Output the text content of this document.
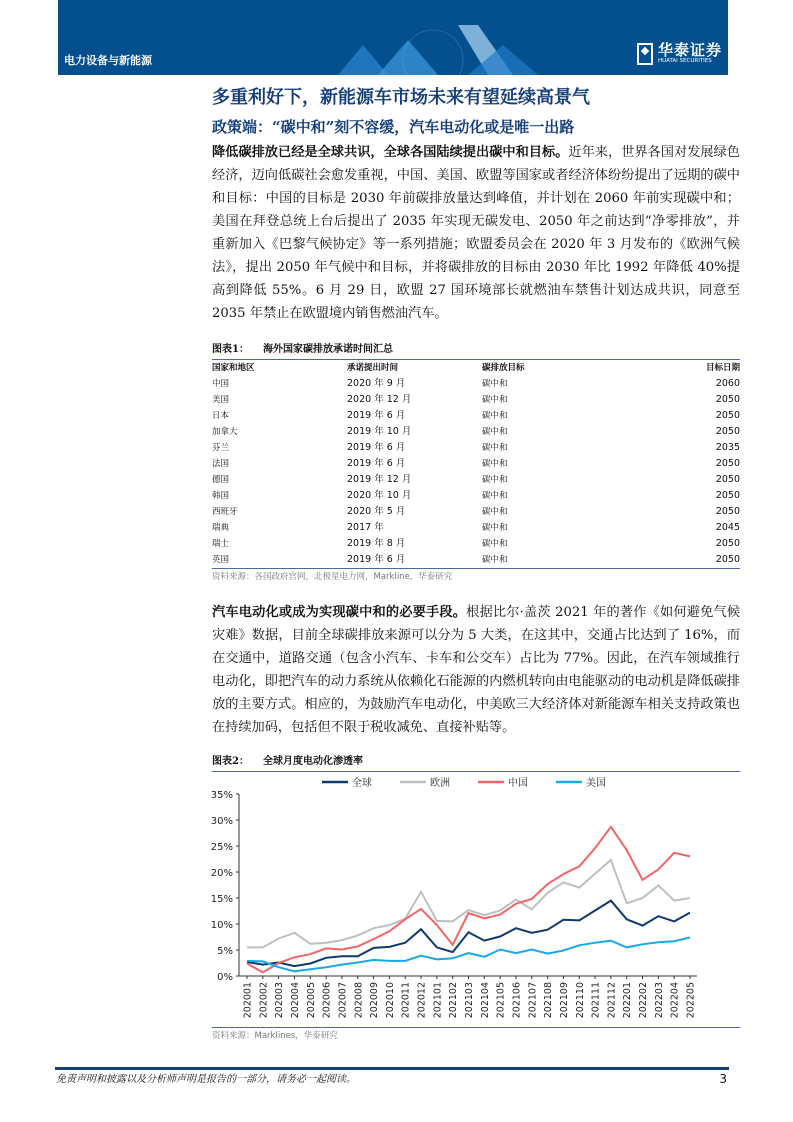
电力设备与新能源
华泰证券
HUATAI SECURITIES
多重利好下，新能源车市场未来有望延续高景气
政策端：“碳中和”刻不容缓，汽车电动化或是唯一出路
降低碳排放已经是全球共识，全球各国陆续提出碳中和目标。近年来，世界各国对发展绿色经济，迈向低碳社会愈发重视，中国、美国、欧盟等国家或者经济体纷纷提出了远期的碳中和目标：中国的目标是 2030 年前碳排放量达到峰值，并计划在 2060 年前实现碳中和；美国在拜登总统上台后提出了 2035 年实现无碳发电、2050 年之前达到“净零排放”，并重新加入《巴黎气候协定》等一系列措施；欧盟委员会在 2020 年 3 月发布的《欧洲气候法》，提出 2050 年气候中和目标，并将碳排放的目标由 2030 年比 1992 年降低 40%提高到降低 55%。6 月 29 日，欧盟 27 国环境部长就燃油车禁售计划达成共识，同意至 2035 年禁止在欧盟境内销售燃油汽车。
图表1： 海外国家碳排放承诺时间汇总
国家和地区	承诺提出时间	碳排放目标	目标日期
中国	2020 年 9 月	碳中和	2060
美国	2020 年 12 月	碳中和	2050
日本	2019 年 6 月	碳中和	2050
加拿大	2019 年 10 月	碳中和	2050
芬兰	2019 年 6 月	碳中和	2035
法国	2019 年 6 月	碳中和	2050
德国	2019 年 12 月	碳中和	2050
韩国	2020 年 10 月	碳中和	2050
西班牙	2020 年 5 月	碳中和	2050
瑞典	2017 年	碳中和	2045
瑞士	2019 年 8 月	碳中和	2050
英国	2019 年 6 月	碳中和	2050
资料来源：各国政府官网，北极星电力网，Markline，华泰研究
汽车电动化或成为实现碳中和的必要手段。根据比尔·盖茨 2021 年的著作《如何避免气候灾难》数据，目前全球碳排放来源可以分为 5 大类，在这其中，交通占比达到了 16%，而在交通中，道路交通（包含小汽车、卡车和公交车）占比为 77%。因此，在汽车领域推行电动化，即把汽车的动力系统从依赖化石能源的内燃机转向由电能驱动的电动机是降低碳排放的主要方式。相应的，为鼓励汽车电动化，中美欧三大经济体对新能源车相关支持政策也在持续加码，包括但不限于税收减免、直接补贴等。
图表2： 全球月度电动化渗透率
0%
5%
10%
15%
20%
25%
30%
35%
202001 202002 202003 202004 202005 202006 202007 202008 202009 202010 202011 202012 202101 202102 202103 202104 202105 202106 202107 202108 202109 202110 202111 202112 202201 202202 202203 202204 202205
全球	欧洲	中国	美国
资料来源：Marklines，华泰研究
免责声明和披露以及分析师声明是报告的一部分，请务必一起阅读。	3
